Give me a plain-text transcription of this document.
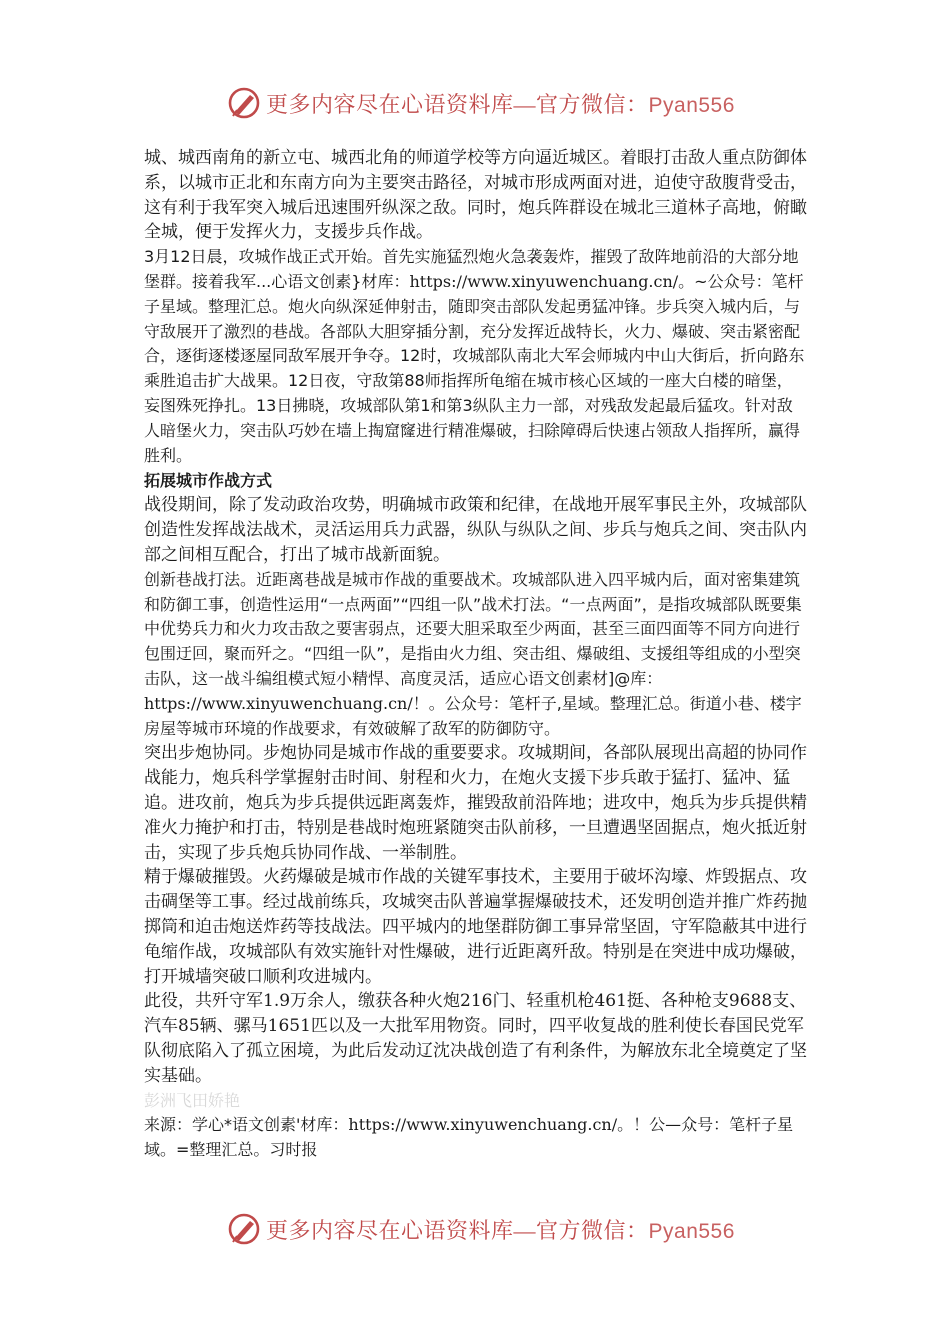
更多内容尽在心语资料库—官方微信：Pyan556

城、城西南角的新立屯、城西北角的师道学校等方向逼近城区。着眼打击敌人重点防御体系，以城市正北和东南方向为主要突击路径，对城市形成两面对进，迫使守敌腹背受击，这有利于我军突入城后迅速围歼纵深之敌。同时，炮兵阵群设在城北三道林子高地，俯瞰全城，便于发挥火力，支援步兵作战。

3月12日晨，攻城作战正式开始。首先实施猛烈炮火急袭轰炸，摧毁了敌阵地前沿的大部分地堡群。接着我军...心语文创素}材库：https://www.xinyuwenchuang.cn/。~公众号：笔杆子星域。整理汇总。炮火向纵深延伸射击，随即突击部队发起勇猛冲锋。步兵突入城内后，与守敌展开了激烈的巷战。各部队大胆穿插分割，充分发挥近战特长，火力、爆破、突击紧密配合，逐街逐楼逐屋同敌军展开争夺。12时，攻城部队南北大军会师城内中山大街后，折向路东乘胜追击扩大战果。12日夜，守敌第88师指挥所龟缩在城市核心区域的一座大白楼的暗堡，妄图殊死挣扎。13日拂晓，攻城部队第1和第3纵队主力一部，对残敌发起最后猛攻。针对敌人暗堡火力，突击队巧妙在墙上掏窟窿进行精准爆破，扫除障碍后快速占领敌人指挥所，赢得胜利。

拓展城市作战方式

战役期间，除了发动政治攻势，明确城市政策和纪律，在战地开展军事民主外，攻城部队创造性发挥战法战术，灵活运用兵力武器，纵队与纵队之间、步兵与炮兵之间、突击队内部之间相互配合，打出了城市战新面貌。

创新巷战打法。近距离巷战是城市作战的重要战术。攻城部队进入四平城内后，面对密集建筑和防御工事，创造性运用“一点两面”“四组一队”战术打法。“一点两面”，是指攻城部队既要集中优势兵力和火力攻击敌之要害弱点，还要大胆采取至少两面，甚至三面四面等不同方向进行包围迂回，聚而歼之。“四组一队”，是指由火力组、突击组、爆破组、支援组等组成的小型突击队，这一战斗编组模式短小精悍、高度灵活，适应心语文创素材]@库：https://www.xinyuwenchuang.cn/！。公众号：笔杆子,星域。整理汇总。街道小巷、楼宇房屋等城市环境的作战要求，有效破解了敌军的防御防守。

突出步炮协同。步炮协同是城市作战的重要要求。攻城期间，各部队展现出高超的协同作战能力，炮兵科学掌握射击时间、射程和火力，在炮火支援下步兵敢于猛打、猛冲、猛追。进攻前，炮兵为步兵提供远距离轰炸，摧毁敌前沿阵地；进攻中，炮兵为步兵提供精准火力掩护和打击，特别是巷战时炮班紧随突击队前移，一旦遭遇坚固据点，炮火抵近射击，实现了步兵炮兵协同作战、一举制胜。

精于爆破摧毁。火药爆破是城市作战的关键军事技术，主要用于破坏沟壕、炸毁据点、攻击碉堡等工事。经过战前练兵，攻城突击队普遍掌握爆破技术，还发明创造并推广炸药抛掷筒和迫击炮送炸药等技战法。四平城内的地堡群防御工事异常坚固，守军隐蔽其中进行龟缩作战，攻城部队有效实施针对性爆破，进行近距离歼敌。特别是在突进中成功爆破，打开城墙突破口顺利攻进城内。

此役，共歼守军1.9万余人，缴获各种火炮216门、轻重机枪461挺、各种枪支9688支、汽车85辆、骡马1651匹以及一大批军用物资。同时，四平收复战的胜利使长春国民党军队彻底陷入了孤立困境，为此后发动辽沈决战创造了有利条件，为解放东北全境奠定了坚实基础。

彭洲飞田娇艳

来源：学心*语文创素'材库：https://www.xinyuwenchuang.cn/。！公—众号：笔杆子星域。=整理汇总。习时报

更多内容尽在心语资料库—官方微信：Pyan556
